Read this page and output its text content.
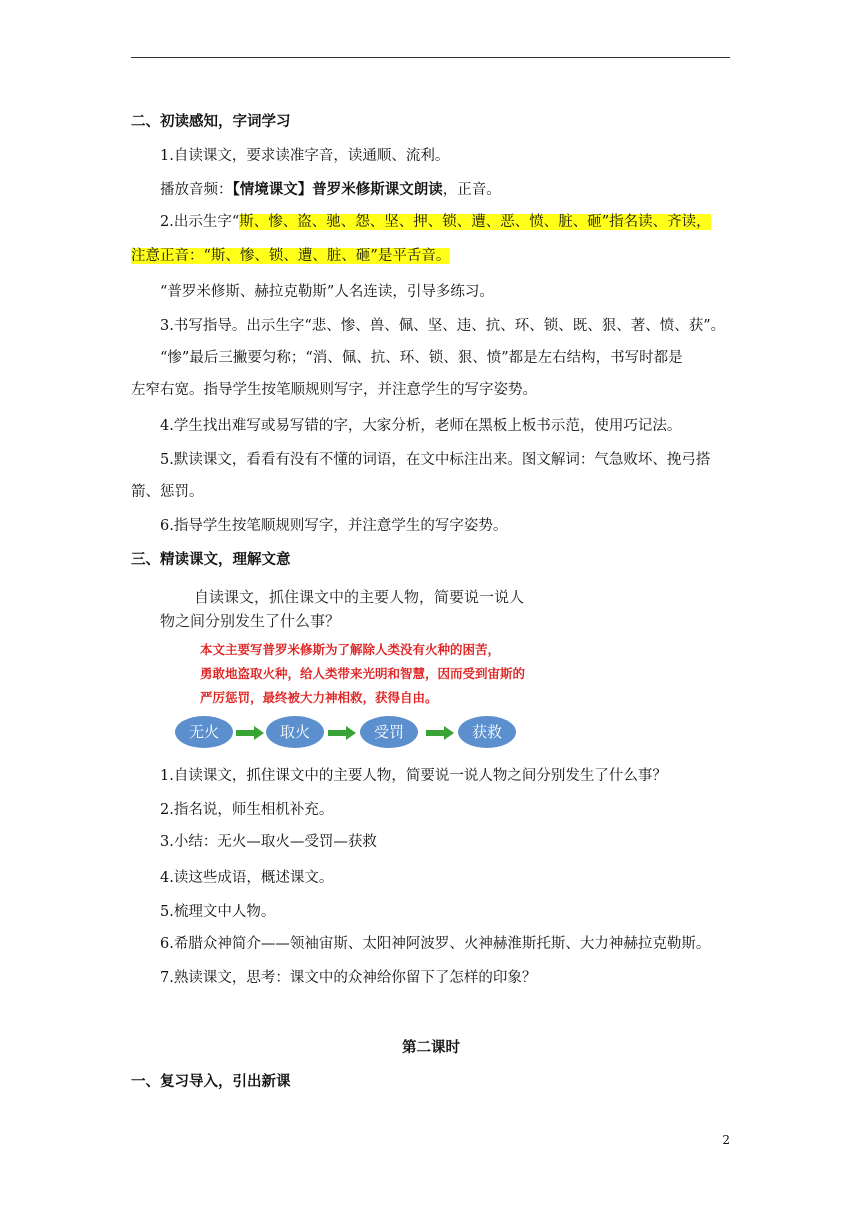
二、初读感知，字词学习
1.自读课文，要求读准字音，读通顺、流利。
播放音频：【情境课文】普罗米修斯课文朗读，正音。
2.出示生字“斯、惨、盗、驰、怨、坚、押、锁、遭、恶、愤、脏、砸”指名读、齐读，
注意正音：“斯、惨、锁、遭、脏、砸”是平舌音。
“普罗米修斯、赫拉克勒斯”人名连读，引导多练习。
3.书写指导。出示生字“悲、惨、兽、佩、坚、违、抗、环、锁、既、狠、著、愤、获”。
“惨”最后三撇要匀称；“消、佩、抗、环、锁、狠、愤”都是左右结构，书写时都是
左窄右宽。指导学生按笔顺规则写字，并注意学生的写字姿势。
4.学生找出难写或易写错的字，大家分析，老师在黑板上板书示范，使用巧记法。
5.默读课文，看看有没有不懂的词语，在文中标注出来。图文解词：气急败坏、挽弓搭
箭、惩罚。
6.指导学生按笔顺规则写字，并注意学生的写字姿势。
三、精读课文，理解文意
自读课文，抓住课文中的主要人物，简要说一说人
物之间分别发生了什么事？
本文主要写普罗米修斯为了解除人类没有火种的困苦，
勇敢地盗取火种，给人类带来光明和智慧，因而受到宙斯的
严厉惩罚，最终被大力神相救，获得自由。
无火	取火	受罚	获救
1.自读课文，抓住课文中的主要人物，简要说一说人物之间分别发生了什么事？
2.指名说，师生相机补充。
3.小结：无火—取火—受罚—获救
4.读这些成语，概述课文。
5.梳理文中人物。
6.希腊众神简介——领袖宙斯、太阳神阿波罗、火神赫淮斯托斯、大力神赫拉克勒斯。
7.熟读课文，思考：课文中的众神给你留下了怎样的印象？
第二课时
一、复习导入，引出新课
2
